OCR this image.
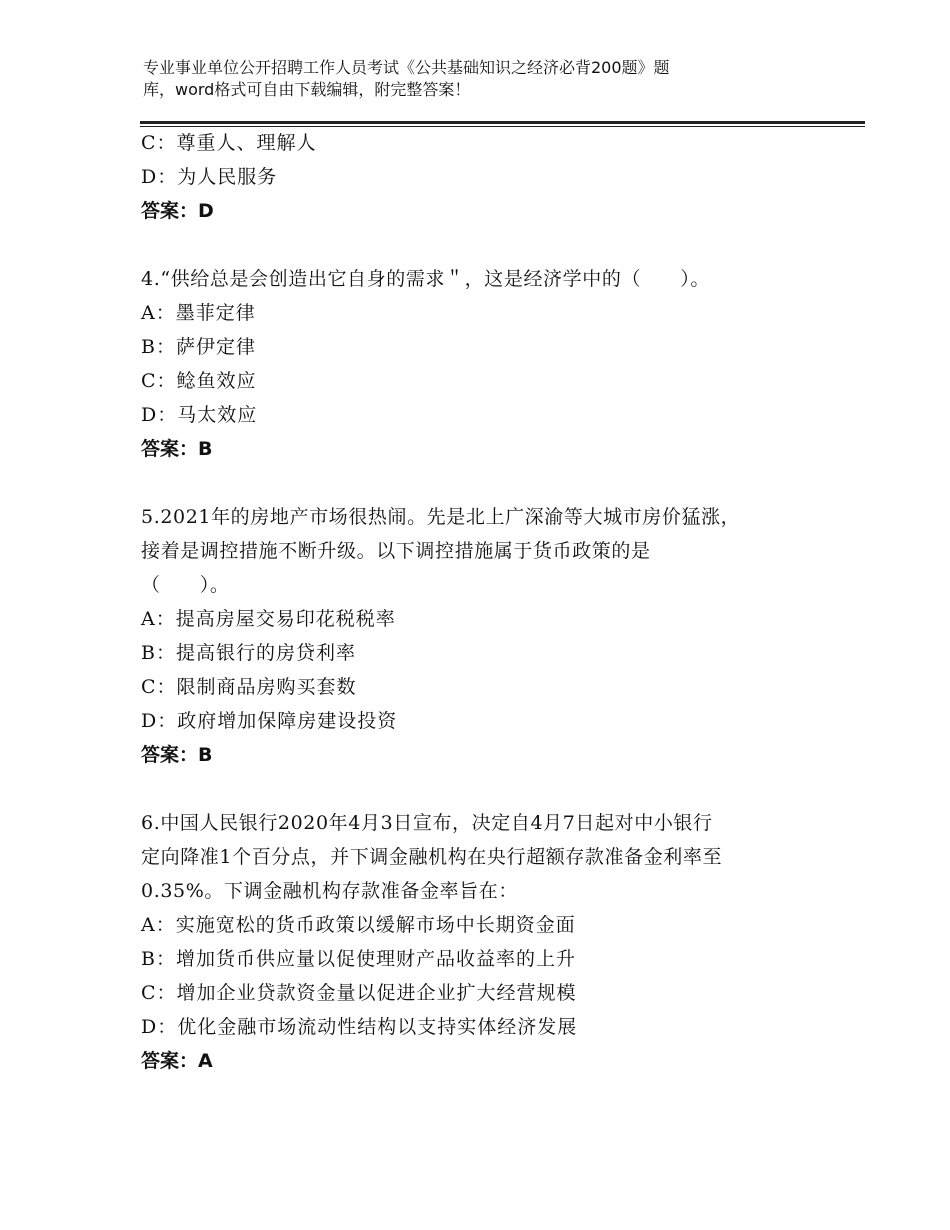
专业事业单位公开招聘工作人员考试《公共基础知识之经济必背200题》题
库，word格式可自由下载编辑，附完整答案！
C：尊重人、理解人
D：为人民服务
答案：D
4.“供给总是会创造出它自身的需求＂，这是经济学中的（　　）。
A：墨菲定律
B：萨伊定律
C：鲶鱼效应
D：马太效应
答案：B
5.2021年的房地产市场很热闹。先是北上广深渝等大城市房价猛涨，
接着是调控措施不断升级。以下调控措施属于货币政策的是
（　　）。
A：提高房屋交易印花税税率
B：提高银行的房贷利率
C：限制商品房购买套数
D：政府增加保障房建设投资
答案：B
6.中国人民银行2020年4月3日宣布，决定自4月7日起对中小银行
定向降准1个百分点，并下调金融机构在央行超额存款准备金利率至
0.35%。下调金融机构存款准备金率旨在：
A：实施宽松的货币政策以缓解市场中长期资金面
B：增加货币供应量以促使理财产品收益率的上升
C：增加企业贷款资金量以促进企业扩大经营规模
D：优化金融市场流动性结构以支持实体经济发展
答案：A
